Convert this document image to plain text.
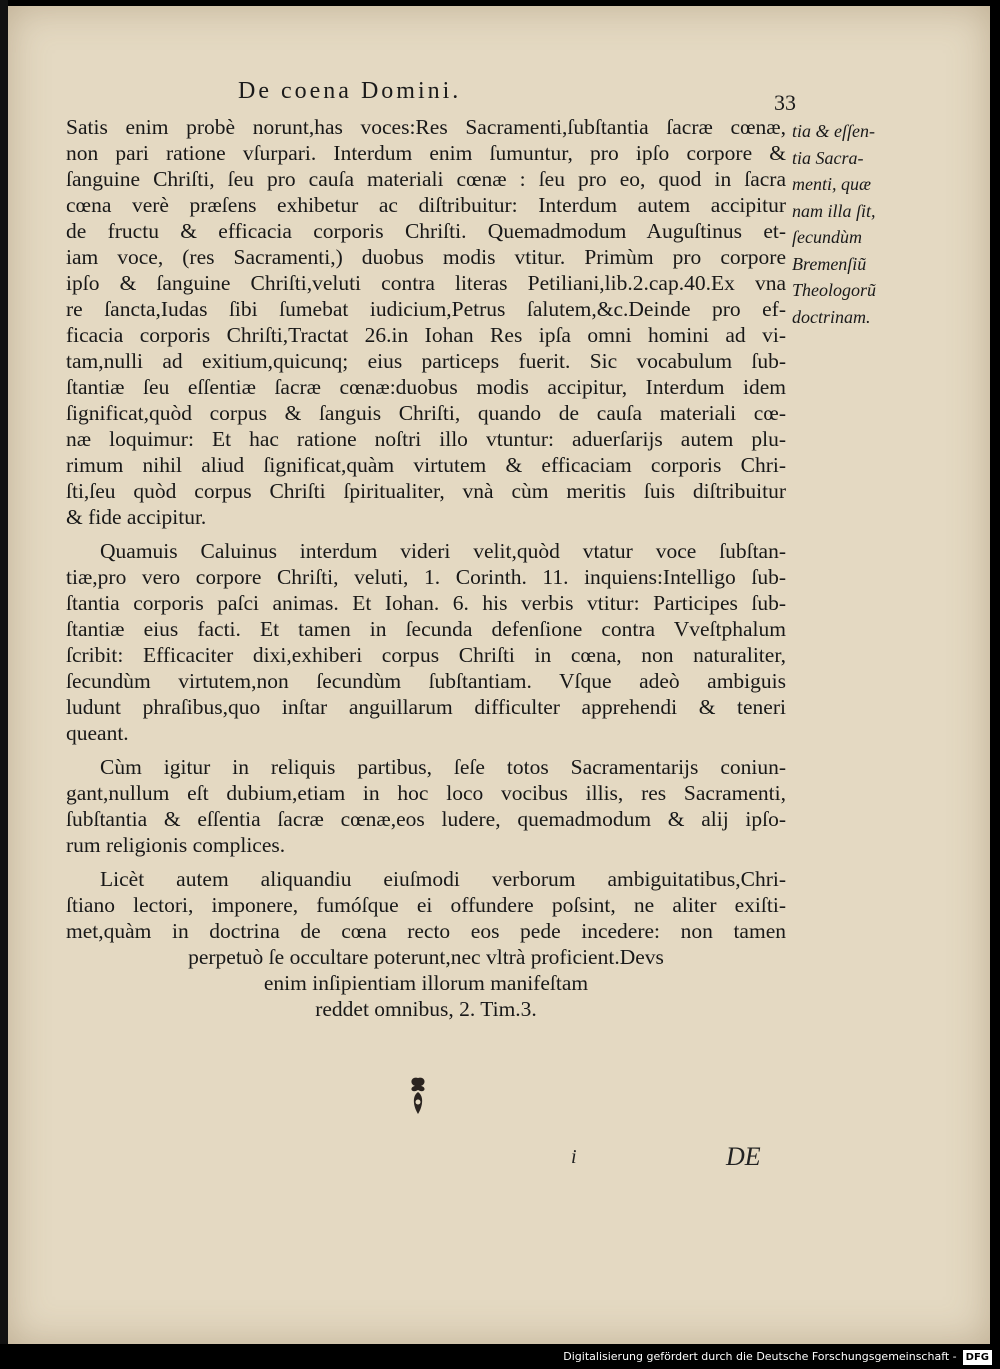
De coena Domini.	33
Satis enim probè norunt,has voces:Res Sacramenti,ſubſtantia ſacræ cœnæ,
non pari ratione vſurpari. Interdum enim ſumuntur, pro ipſo corpore &
ſanguine Chriſti, ſeu pro cauſa materiali cœnæ : ſeu pro eo, quod in ſacra
cœna verè præſens exhibetur ac diſtribuitur: Interdum autem accipitur
de fructu & efficacia corporis Chriſti. Quemadmodum Auguſtinus et-
iam voce, (res Sacramenti,) duobus modis vtitur. Primùm pro corpore
ipſo & ſanguine Chriſti,veluti contra literas Petiliani,lib.2.cap.40.Ex vna
re ſancta,Iudas ſibi ſumebat iudicium,Petrus ſalutem,&c.Deinde pro ef-
ficacia corporis Chriſti,Tractat 26.in Iohan Res ipſa omni homini ad vi-
tam,nulli ad exitium,quicunq; eius particeps fuerit. Sic vocabulum ſub-
ſtantiæ ſeu eſſentiæ ſacræ cœnæ:duobus modis accipitur, Interdum idem
ſignificat,quòd corpus & ſanguis Chriſti, quando de cauſa materiali cœ-
næ loquimur: Et hac ratione noſtri illo vtuntur: aduerſarijs autem plu-
rimum nihil aliud ſignificat,quàm virtutem & efficaciam corporis Chri-
ſti,ſeu quòd corpus Chriſti ſpiritualiter, vnà cùm meritis ſuis diſtribuitur
& fide accipitur.
Quamuis Caluinus interdum videri velit,quòd vtatur voce ſubſtan-
tiæ,pro vero corpore Chriſti, veluti, 1. Corinth. 11. inquiens:Intelligo ſub-
ſtantia corporis paſci animas. Et Iohan. 6. his verbis vtitur: Participes ſub-
ſtantiæ eius facti. Et tamen in ſecunda defenſione contra Vveſtphalum
ſcribit: Efficaciter dixi,exhiberi corpus Chriſti in cœna, non naturaliter,
ſecundùm virtutem,non ſecundùm ſubſtantiam. Vſque adeò ambiguis
ludunt phraſibus,quo inſtar anguillarum difficulter apprehendi & teneri
queant.
Cùm igitur in reliquis partibus, ſeſe totos Sacramentarijs coniun-
gant,nullum eſt dubium,etiam in hoc loco vocibus illis, res Sacramenti,
ſubſtantia & eſſentia ſacræ cœnæ,eos ludere, quemadmodum & alij ipſo-
rum religionis complices.
Licèt autem aliquandiu eiuſmodi verborum ambiguitatibus,Chri-
ſtiano lectori, imponere, fumóſque ei offundere poſsint, ne aliter exiſti-
met,quàm in doctrina de cœna recto eos pede incedere: non tamen
perpetuò ſe occultare poterunt,nec vltrà proficient.Devs
enim inſipientiam illorum manifeſtam
reddet omnibus, 2. Tim.3.
tia & eſſen-
tia Sacra-
menti, quæ
nam illa ſit,
ſecundùm
Bremenſiũ
Theologorũ
doctrinam.
i	DE
Digitalisierung gefördert durch die Deutsche Forschungsgemeinschaft - DFG
